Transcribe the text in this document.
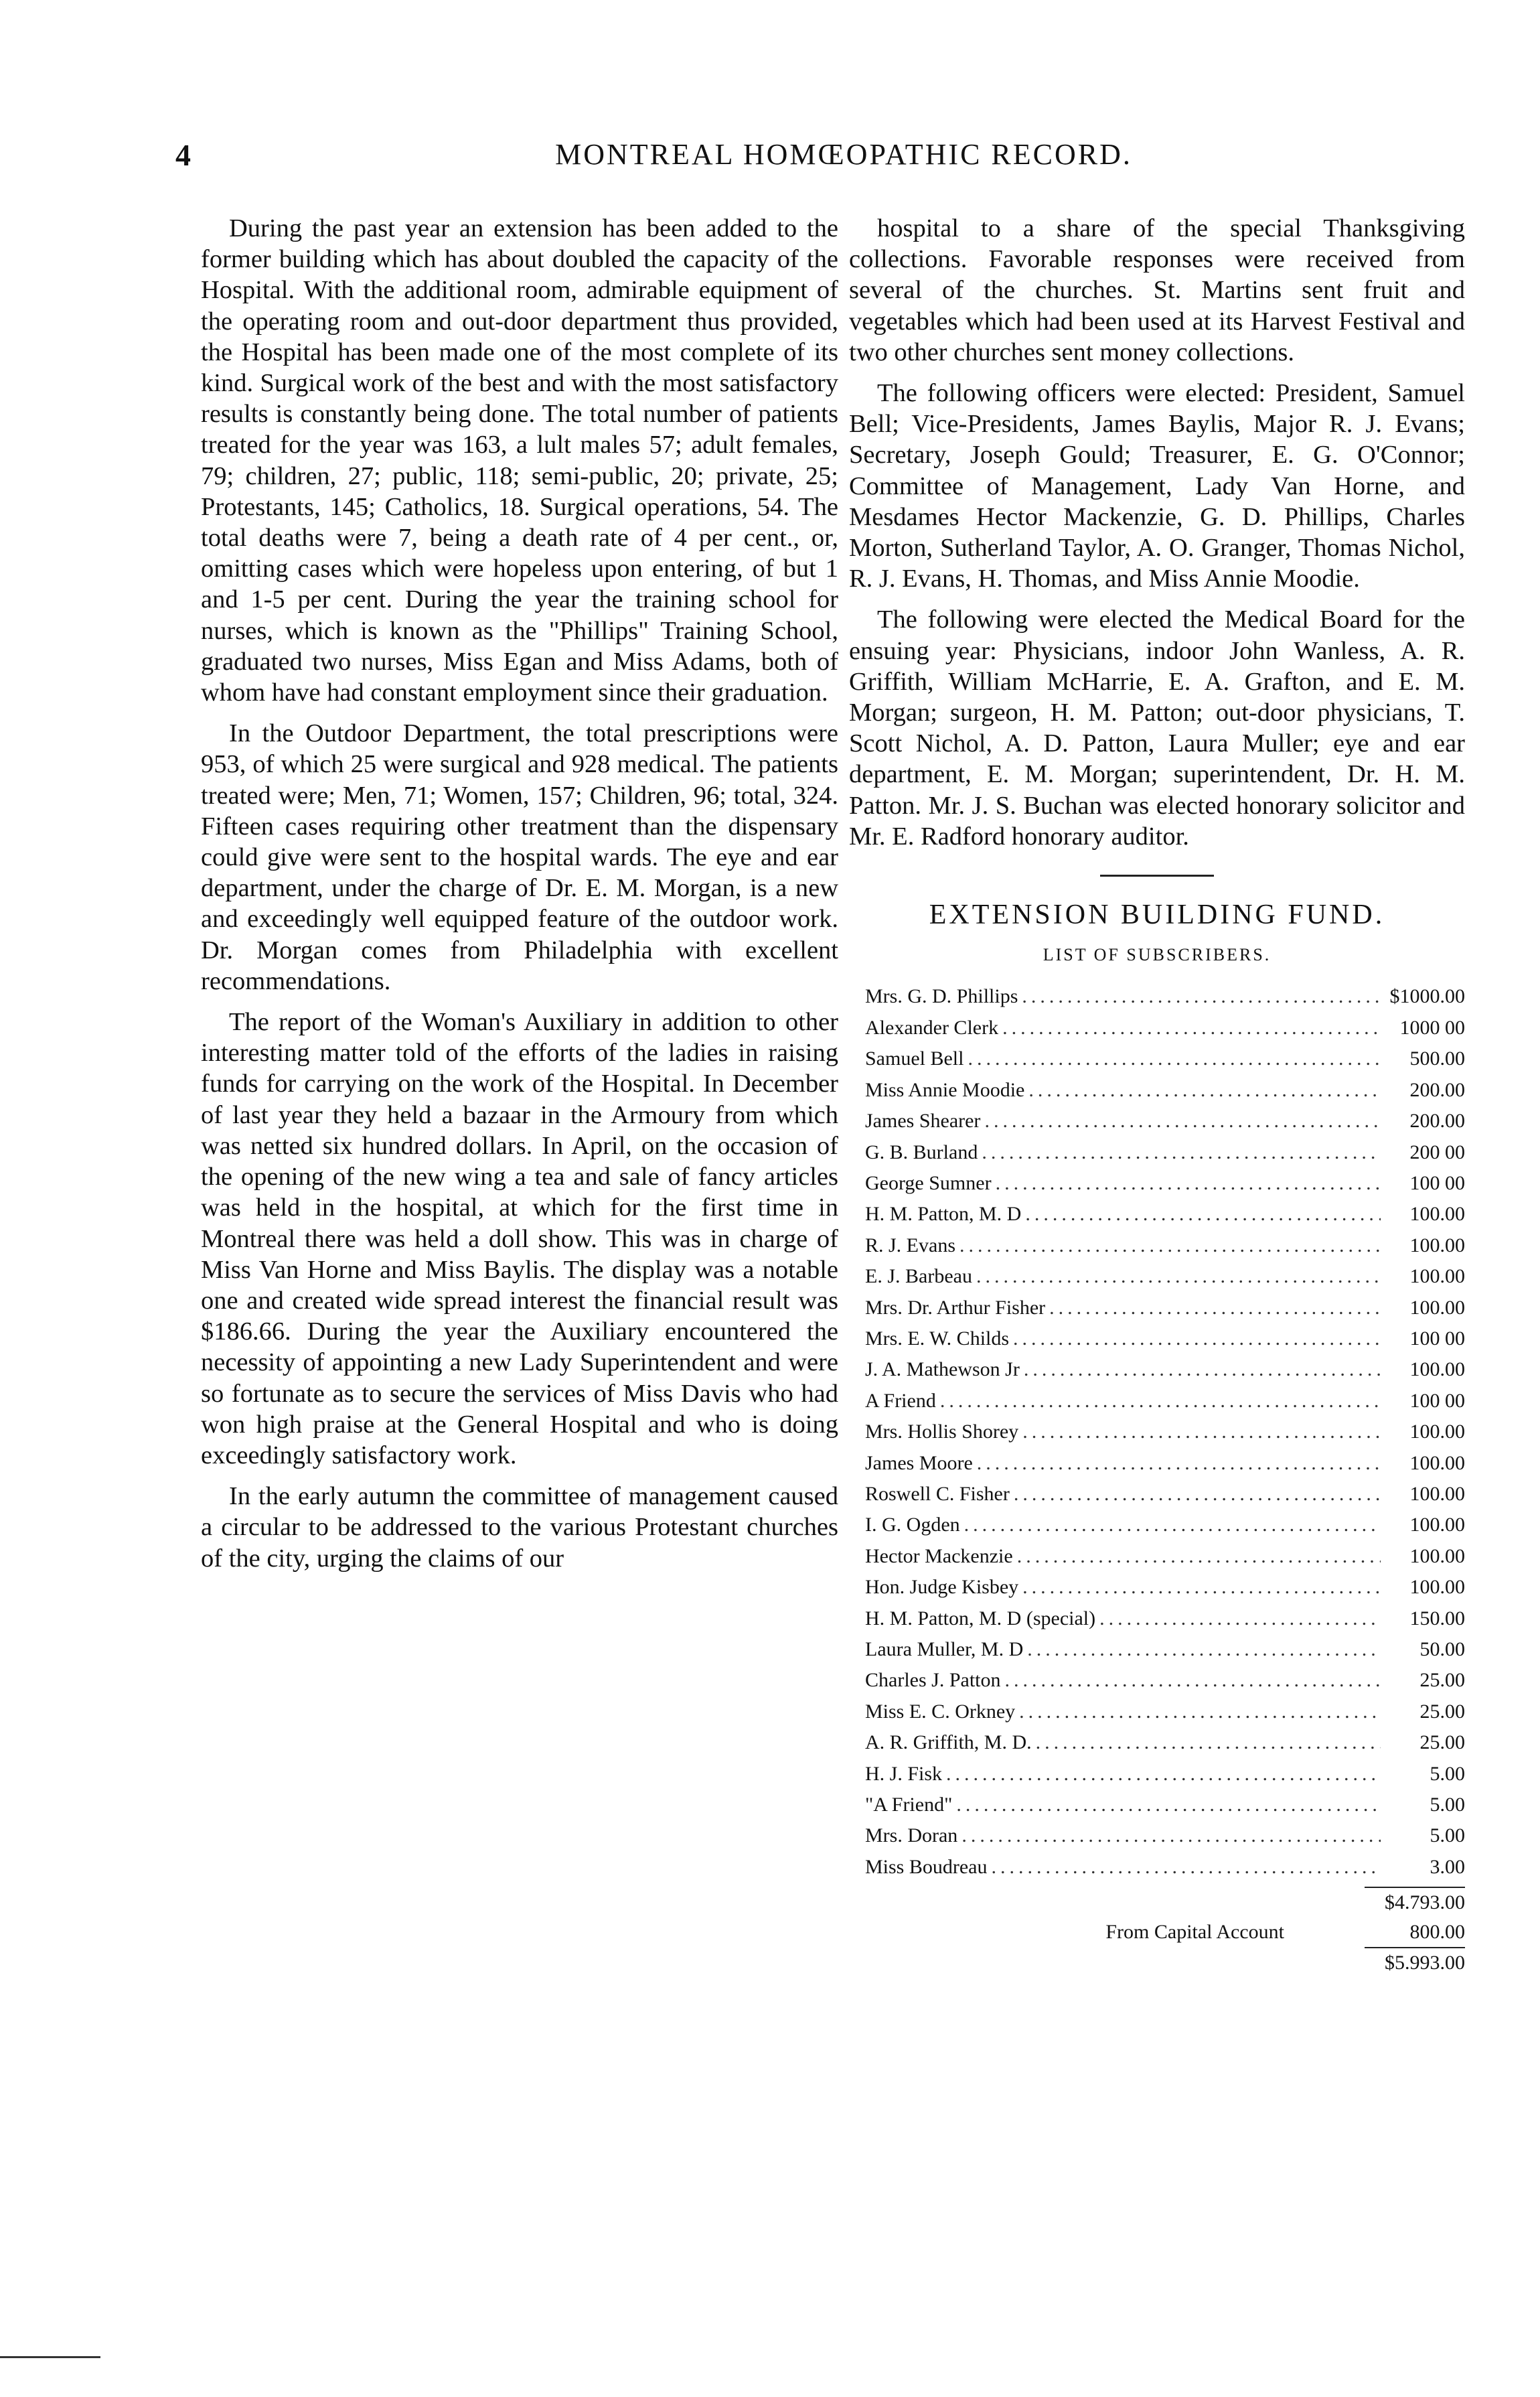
4	MONTREAL HOMŒOPATHIC RECORD.

During the past year an extension has been added to the former building which has about doubled the capacity of the Hospital. With the additional room, admirable equipment of the operating room and out-door department thus provided, the Hospital has been made one of the most complete of its kind. Surgical work of the best and with the most satisfactory results is constantly being done. The total number of patients treated for the year was 163, a lult males 57; adult females, 79; children, 27; public, 118; semi-public, 20; private, 25; Protestants, 145; Catholics, 18. Surgical operations, 54. The total deaths were 7, being a death rate of 4 per cent., or, omitting cases which were hopeless upon entering, of but 1 and 1-5 per cent. During the year the training school for nurses, which is known as the "Phillips" Training School, graduated two nurses, Miss Egan and Miss Adams, both of whom have had constant employment since their graduation.

In the Outdoor Department, the total prescriptions were 953, of which 25 were surgical and 928 medical. The patients treated were; Men, 71; Women, 157; Children, 96; total, 324. Fifteen cases requiring other treatment than the dispensary could give were sent to the hospital wards. The eye and ear department, under the charge of Dr. E. M. Morgan, is a new and exceedingly well equipped feature of the outdoor work. Dr. Morgan comes from Philadelphia with excellent recommendations.

The report of the Woman's Auxiliary in addition to other interesting matter told of the efforts of the ladies in raising funds for carrying on the work of the Hospital. In December of last year they held a bazaar in the Armoury from which was netted six hundred dollars. In April, on the occasion of the opening of the new wing a tea and sale of fancy articles was held in the hospital, at which for the first time in Montreal there was held a doll show. This was in charge of Miss Van Horne and Miss Baylis. The display was a notable one and created wide spread interest the financial result was $186.66. During the year the Auxiliary encountered the necessity of appointing a new Lady Superintendent and were so fortunate as to secure the services of Miss Davis who had won high praise at the General Hospital and who is doing exceedingly satisfactory work.

In the early autumn the committee of management caused a circular to be addressed to the various Protestant churches of the city, urging the claims of our

hospital to a share of the special Thanksgiving collections. Favorable responses were received from several of the churches. St. Martins sent fruit and vegetables which had been used at its Harvest Festival and two other churches sent money collections.

The following officers were elected: President, Samuel Bell; Vice-Presidents, James Baylis, Major R. J. Evans; Secretary, Joseph Gould; Treasurer, E. G. O'Connor; Committee of Management, Lady Van Horne, and Mesdames Hector Mackenzie, G. D. Phillips, Charles Morton, Sutherland Taylor, A. O. Granger, Thomas Nichol, R. J. Evans, H. Thomas, and Miss Annie Moodie.

The following were elected the Medical Board for the ensuing year: Physicians, indoor John Wanless, A. R. Griffith, William McHarrie, E. A. Grafton, and E. M. Morgan; surgeon, H. M. Patton; out-door physicians, T. Scott Nichol, A. D. Patton, Laura Muller; eye and ear department, E. M. Morgan; superintendent, Dr. H. M. Patton. Mr. J. S. Buchan was elected honorary solicitor and Mr. E. Radford honorary auditor.

EXTENSION BUILDING FUND.
LIST OF SUBSCRIBERS.
Mrs. G. D. Phillips .....	$1000.00
Alexander Clerk .....	1000 00
Samuel Bell .....	500.00
Miss Annie Moodie .....	200.00
James Shearer .....	200.00
G. B. Burland .....	200 00
George Sumner .....	100 00
H. M. Patton, M. D .....	100.00
R. J. Evans .....	100.00
E. J. Barbeau .....	100.00
Mrs. Dr. Arthur Fisher .....	100.00
Mrs. E. W. Childs .....	100 00
J. A. Mathewson Jr .....	100.00
A Friend .....	100 00
Mrs. Hollis Shorey .....	100.00
James Moore .....	100.00
Roswell C. Fisher .....	100.00
I. G. Ogden .....	100.00
Hector Mackenzie .....	100.00
Hon. Judge Kisbey .....	100.00
H. M. Patton, M. D (special) .....	150.00
Laura Muller, M. D .....	50.00
Charles J. Patton .....	25.00
Miss E. C. Orkney .....	25.00
A. R. Griffith, M. D. .....	25.00
H. J. Fisk .....	5.00
"A Friend" .....	5.00
Mrs. Doran .....	5.00
Miss Boudreau .....	3.00
$4.793.00
From Capital Account	800.00
$5.993.00
